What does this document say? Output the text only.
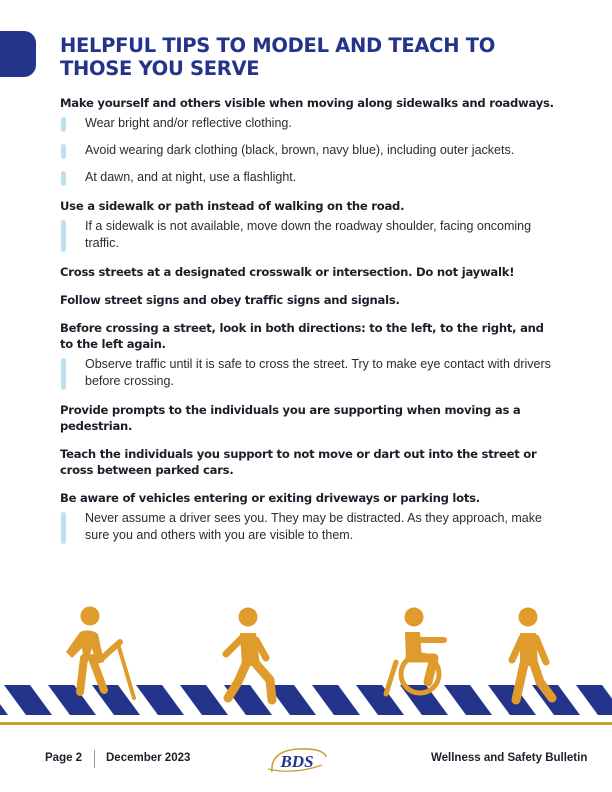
HELPFUL TIPS TO MODEL AND TEACH TO THOSE YOU SERVE

Make yourself and others visible when moving along sidewalks and roadways.

Wear bright and/or reflective clothing.
Avoid wearing dark clothing (black, brown, navy blue), including outer jackets.
At dawn, and at night, use a flashlight.

Use a sidewalk or path instead of walking on the road.

If a sidewalk is not available, move down the roadway shoulder, facing oncoming traffic.

Cross streets at a designated crosswalk or intersection. Do not jaywalk!

Follow street signs and obey traffic signs and signals.

Before crossing a street, look in both directions: to the left, to the right, and to the left again.

Observe traffic until it is safe to cross the street. Try to make eye contact with drivers before crossing.

Provide prompts to the individuals you are supporting when moving as a pedestrian.

Teach the individuals you support to not move or dart out into the street or cross between parked cars.

Be aware of vehicles entering or exiting driveways or parking lots.

Never assume a driver sees you. They may be distracted. As they approach, make sure you and others with you are visible to them.
Page 2 December 2023	BDS	Wellness and Safety Bulletin
